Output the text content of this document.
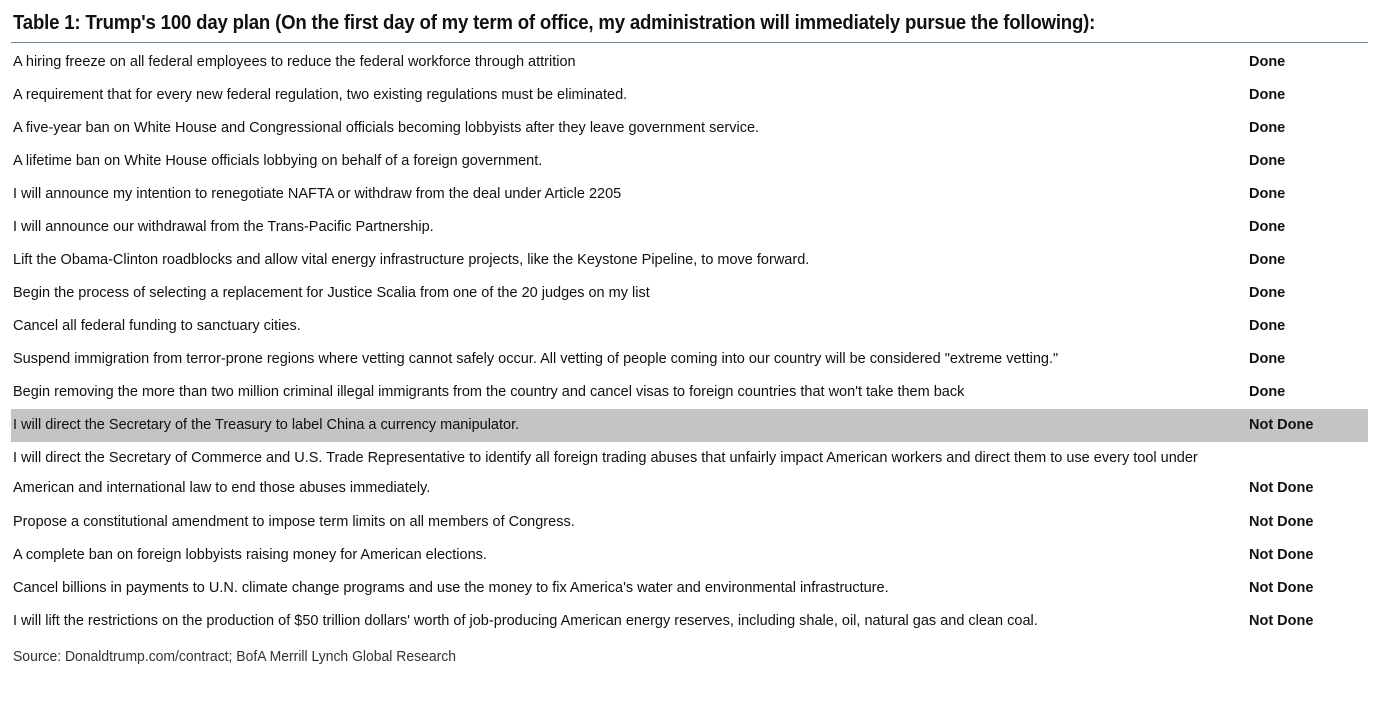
Table 1: Trump's 100 day plan (On the first day of my term of office, my administration will immediately pursue the following):
A hiring freeze on all federal employees to reduce the federal workforce through attrition	Done
A requirement that for every new federal regulation, two existing regulations must be eliminated.	Done
A five-year ban on White House and Congressional officials becoming lobbyists after they leave government service.	Done
A lifetime ban on White House officials lobbying on behalf of a foreign government.	Done
I will announce my intention to renegotiate NAFTA or withdraw from the deal under Article 2205	Done
I will announce our withdrawal from the Trans-Pacific Partnership.	Done
Lift the Obama-Clinton roadblocks and allow vital energy infrastructure projects, like the Keystone Pipeline, to move forward.	Done
Begin the process of selecting a replacement for Justice Scalia from one of the 20 judges on my list	Done
Cancel all federal funding to sanctuary cities.	Done
Suspend immigration from terror-prone regions where vetting cannot safely occur. All vetting of people coming into our country will be considered "extreme vetting."	Done
Begin removing the more than two million criminal illegal immigrants from the country and cancel visas to foreign countries that won't take them back	Done
I will direct the Secretary of the Treasury to label China a currency manipulator.	Not Done
I will direct the Secretary of Commerce and U.S. Trade Representative to identify all foreign trading abuses that unfairly impact American workers and direct them to use every tool under
American and international law to end those abuses immediately.	Not Done
Propose a constitutional amendment to impose term limits on all members of Congress.	Not Done
A complete ban on foreign lobbyists raising money for American elections.	Not Done
Cancel billions in payments to U.N. climate change programs and use the money to fix America's water and environmental infrastructure.	Not Done
I will lift the restrictions on the production of $50 trillion dollars' worth of job-producing American energy reserves, including shale, oil, natural gas and clean coal.	Not Done
Source: Donaldtrump.com/contract; BofA Merrill Lynch Global Research
